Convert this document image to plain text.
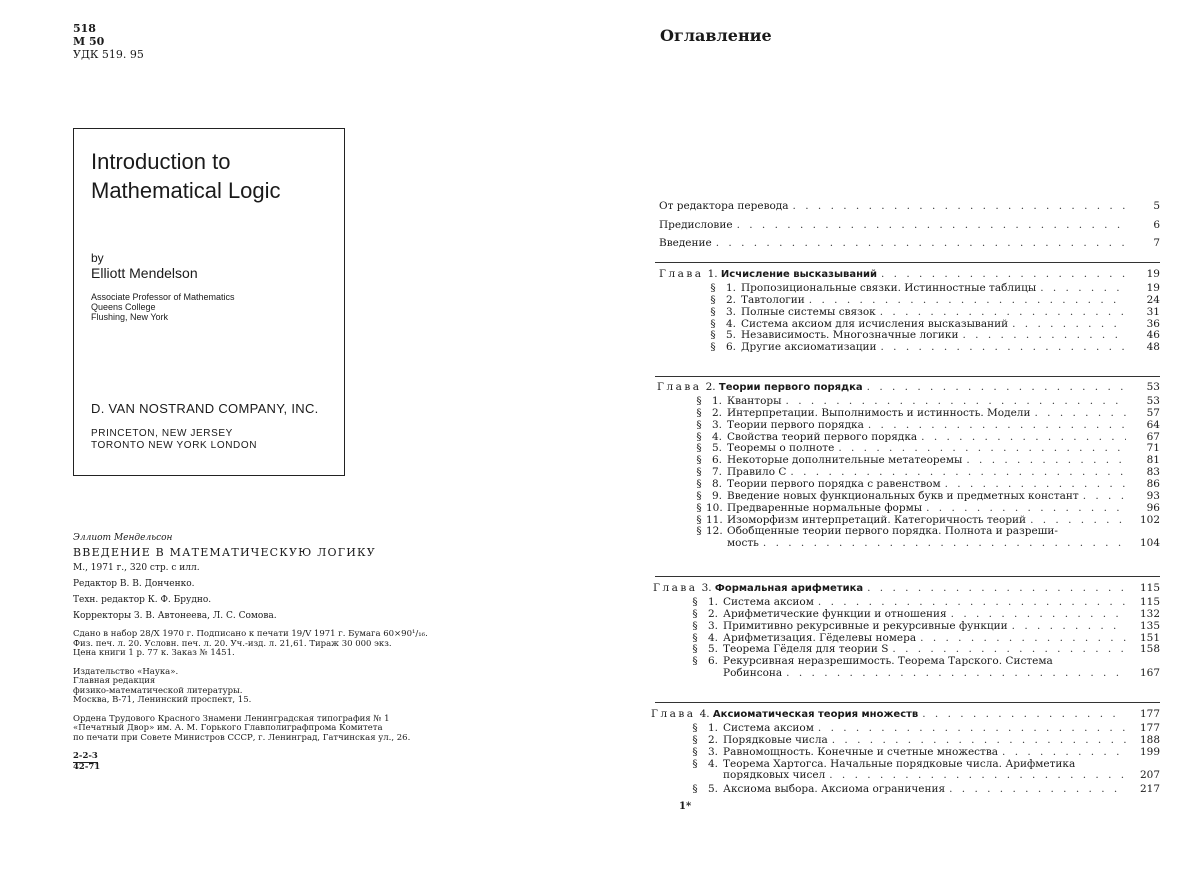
518
M 50
УДК 519. 95
Introduction to
Mathematical Logic
by
Elliott Mendelson
Associate Professor of Mathematics
Queens College
Flushing, New York
D. VAN NOSTRAND COMPANY, INC.
PRINCETON, NEW JERSEY
TORONTO NEW YORK LONDON
Эллиот Мендельсон
ВВЕДЕНИЕ В МАТЕМАТИЧЕСКУЮ ЛОГИКУ
М., 1971 г., 320 стр. с илл.
Редактор В. В. Донченко.
Техн. редактор К. Ф. Брудно.
Корректоры З. В. Автонеева, Л. С. Сомова.
Сдано в набор 28/X 1970 г. Подписано к печати 19/V 1971 г. Бумага 60×90¹/₁₆.
Физ. печ. л. 20. Условн. печ. л. 20. Уч.-изд. л. 21,61. Тираж 30 000 экз.
Цена книги 1 р. 77 к. Заказ № 1451.
Издательство «Наука».
Главная редакция
физико-математической литературы.
Москва, В-71, Ленинский проспект, 15.
Ордена Трудового Красного Знамени Ленинградская типография № 1
«Печатный Двор» им. А. М. Горького Главполиграфпрома Комитета
по печати при Совете Министров СССР, г. Ленинград, Гатчинская ул., 26.
2-2-3
42-71
Оглавление
От редактора перевода . . .	5
Предисловие . . .	6
Введение . . .	7
Глава 1. Исчисление высказываний . . .	19
§ 1. Пропозициональные связки. Истинностные таблицы . . .	19
§ 2. Тавтологии . . .	24
§ 3. Полные системы связок . . .	31
§ 4. Система аксиом для исчисления высказываний . . .	36
§ 5. Независимость. Многозначные логики . . .	46
§ 6. Другие аксиоматизации . . .	48
Глава 2. Теории первого порядка . . .	53
§ 1. Кванторы . . .	53
§ 2. Интерпретации. Выполнимость и истинность. Модели . . .	57
§ 3. Теории первого порядка . . .	64
§ 4. Свойства теорий первого порядка . . .	67
§ 5. Теоремы о полноте . . .	71
§ 6. Некоторые дополнительные метатеоремы . . .	81
§ 7. Правило С . . .	83
§ 8. Теории первого порядка с равенством . . .	86
§ 9. Введение новых функциональных букв и предметных констант . . .	93
§ 10. Предваренные нормальные формы . . .	96
§ 11. Изоморфизм интерпретаций. Категоричность теорий . . .	102
§ 12. Обобщенные теории первого порядка. Полнота и разреши-
мость . . .	104
Глава 3. Формальная арифметика . . .	115
§ 1. Система аксиом . . .	115
§ 2. Арифметические функции и отношения . . .	132
§ 3. Примитивно рекурсивные и рекурсивные функции . . .	135
§ 4. Арифметизация. Гёделевы номера . . .	151
§ 5. Теорема Гёделя для теории S . . .	158
§ 6. Рекурсивная неразрешимость. Теорема Тарского. Система
Робинсона . . .	167
Глава 4. Аксиоматическая теория множеств . . .	177
§ 1. Система аксиом . . .	177
§ 2. Порядковые числа . . .	188
§ 3. Равномощность. Конечные и счетные множества . . .	199
§ 4. Теорема Хартогса. Начальные порядковые числа. Арифметика
порядковых чисел . . .	207
§ 5. Аксиома выбора. Аксиома ограничения . . .	217
1*
